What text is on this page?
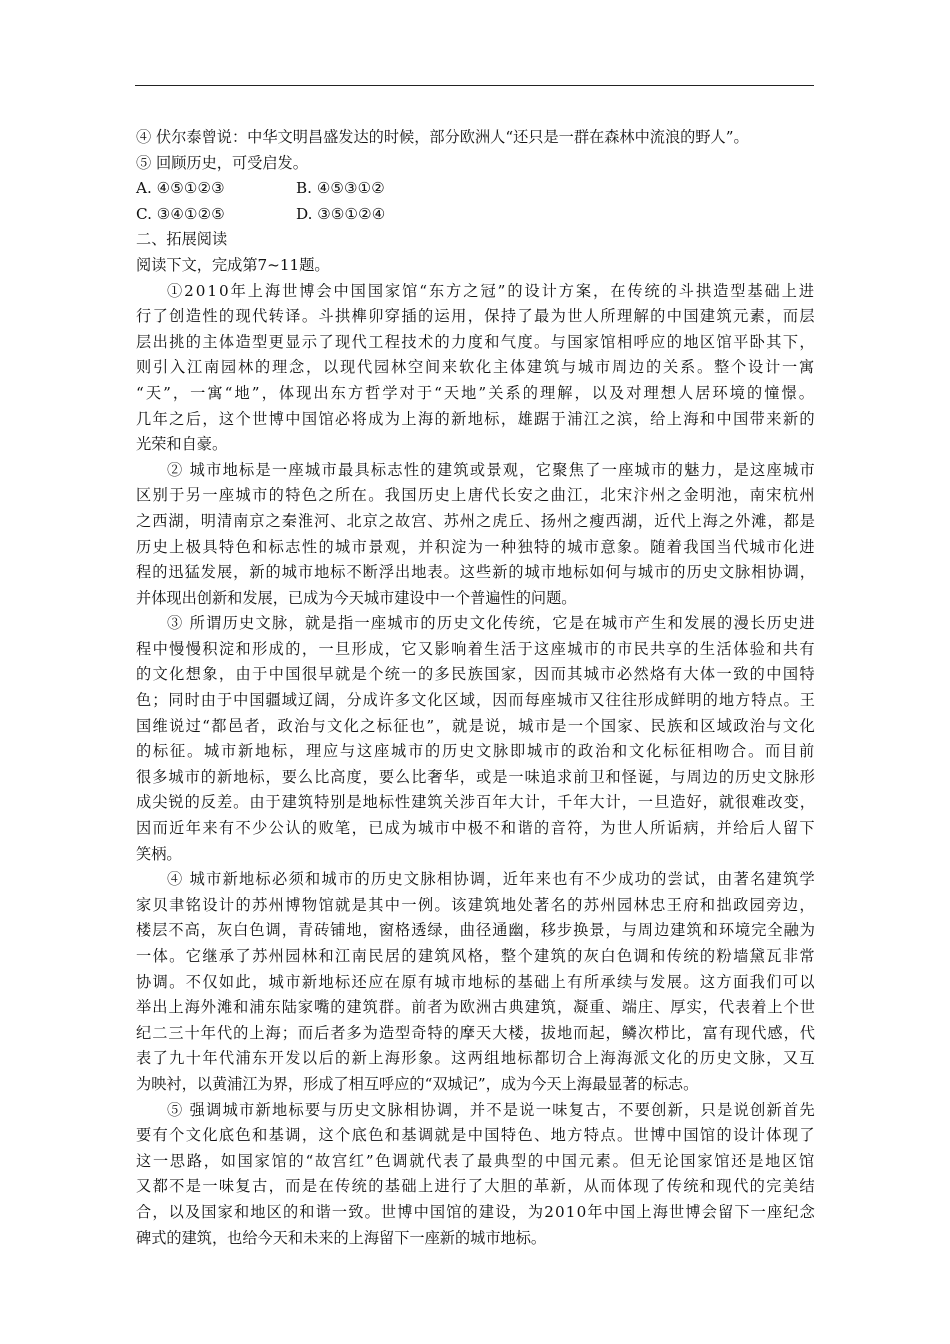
④ 伏尔泰曾说：中华文明昌盛发达的时候，部分欧洲人“还只是一群在森林中流浪的野人”。
⑤ 回顾历史，可受启发。
A. ④⑤①②③	B. ④⑤③①②
C. ③④①②⑤	D. ③⑤①②④
二、拓展阅读
阅读下文，完成第7~11题。
①2010年上海世博会中国国家馆“东方之冠”的设计方案，在传统的斗拱造型基础上进
行了创造性的现代转译。斗拱榫卯穿插的运用，保持了最为世人所理解的中国建筑元素，而层
层出挑的主体造型更显示了现代工程技术的力度和气度。与国家馆相呼应的地区馆平卧其下，
则引入江南园林的理念，以现代园林空间来软化主体建筑与城市周边的关系。整个设计一寓
“天”，一寓“地”，体现出东方哲学对于“天地”关系的理解，以及对理想人居环境的憧憬。
几年之后，这个世博中国馆必将成为上海的新地标，雄踞于浦江之滨，给上海和中国带来新的
光荣和自豪。
② 城市地标是一座城市最具标志性的建筑或景观，它聚焦了一座城市的魅力，是这座城市
区别于另一座城市的特色之所在。我国历史上唐代长安之曲江，北宋汴州之金明池，南宋杭州
之西湖，明清南京之秦淮河、北京之故宫、苏州之虎丘、扬州之瘦西湖，近代上海之外滩，都是
历史上极具特色和标志性的城市景观，并积淀为一种独特的城市意象。随着我国当代城市化进
程的迅猛发展，新的城市地标不断浮出地表。这些新的城市地标如何与城市的历史文脉相协调，
并体现出创新和发展，已成为今天城市建设中一个普遍性的问题。
③ 所谓历史文脉，就是指一座城市的历史文化传统，它是在城市产生和发展的漫长历史进
程中慢慢积淀和形成的，一旦形成，它又影响着生活于这座城市的市民共享的生活体验和共有
的文化想象，由于中国很早就是个统一的多民族国家，因而其城市必然烙有大体一致的中国特
色；同时由于中国疆域辽阔，分成许多文化区域，因而每座城市又往往形成鲜明的地方特点。王
国维说过“都邑者，政治与文化之标征也”，就是说，城市是一个国家、民族和区域政治与文化
的标征。城市新地标，理应与这座城市的历史文脉即城市的政治和文化标征相吻合。而目前
很多城市的新地标，要么比高度，要么比奢华，或是一味追求前卫和怪诞，与周边的历史文脉形
成尖锐的反差。由于建筑特别是地标性建筑关涉百年大计，千年大计，一旦造好，就很难改变，
因而近年来有不少公认的败笔，已成为城市中极不和谐的音符，为世人所诟病，并给后人留下
笑柄。
④ 城市新地标必须和城市的历史文脉相协调，近年来也有不少成功的尝试，由著名建筑学
家贝聿铭设计的苏州博物馆就是其中一例。该建筑地处著名的苏州园林忠王府和拙政园旁边，
楼层不高，灰白色调，青砖铺地，窗格透绿，曲径通幽，移步换景，与周边建筑和环境完全融为
一体。它继承了苏州园林和江南民居的建筑风格，整个建筑的灰白色调和传统的粉墙黛瓦非常
协调。不仅如此，城市新地标还应在原有城市地标的基础上有所承续与发展。这方面我们可以
举出上海外滩和浦东陆家嘴的建筑群。前者为欧洲古典建筑，凝重、端庄、厚实，代表着上个世
纪二三十年代的上海；而后者多为造型奇特的摩天大楼，拔地而起，鳞次栉比，富有现代感，代
表了九十年代浦东开发以后的新上海形象。这两组地标都切合上海海派文化的历史文脉，又互
为映衬，以黄浦江为界，形成了相互呼应的“双城记”，成为今天上海最显著的标志。
⑤ 强调城市新地标要与历史文脉相协调，并不是说一味复古，不要创新，只是说创新首先
要有个文化底色和基调，这个底色和基调就是中国特色、地方特点。世博中国馆的设计体现了
这一思路，如国家馆的“故宫红”色调就代表了最典型的中国元素。但无论国家馆还是地区馆
又都不是一味复古，而是在传统的基础上进行了大胆的革新，从而体现了传统和现代的完美结
合，以及国家和地区的和谐一致。世博中国馆的建设，为2010年中国上海世博会留下一座纪念
碑式的建筑，也给今天和未来的上海留下一座新的城市地标。
